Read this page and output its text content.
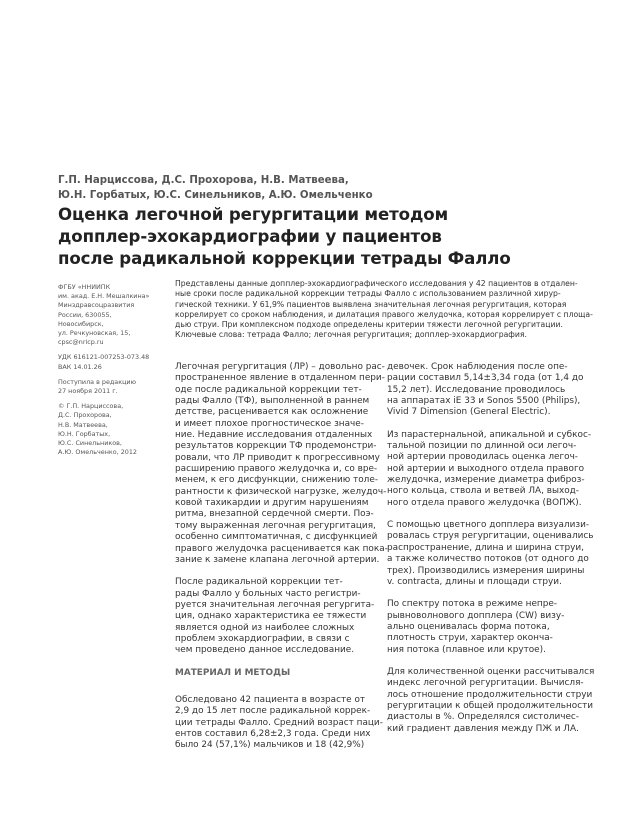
Г.П. Нарциссова, Д.С. Прохорова, Н.В. Матвеева,
Ю.Н. Горбатых, Ю.С. Синельников, А.Ю. Омельченко
Оценка легочной регургитации методом
допплер-эхокардиографии у пациентов
после радикальной коррекции тетрады Фалло
ФГБУ «ННИИПК
им. акад. Е.Н. Мешалкина»
Минздравсоцразвития
России, 630055,
Новосибирск,
ул. Речкуновская, 15,
cpsc@nricp.ru
УДК 616121-007253-073.48
ВАК 14.01.26
Поступила в редакцию
27 ноября 2011 г.
© Г.П. Нарциссова,
Д.С. Прохорова,
Н.В. Матвеева,
Ю.Н. Горбатых,
Ю.С. Синельников,
А.Ю. Омельченко, 2012
Представлены данные допплер-эхокардиографического исследования у 42 пациентов в отдален-
ные сроки после радикальной коррекции тетрады Фалло с использованием различной хирур-
гической техники. У 61,9% пациентов выявлена значительная легочная регургитация, которая
коррелирует со сроком наблюдения, и дилатация правого желудочка, которая коррелирует с площа-
дью струи. При комплексном подходе определены критерии тяжести легочной регургитации.
Ключевые слова: тетрада Фалло; легочная регургитация; допплер-эхокардиография.
Легочная регургитация (ЛР) – довольно рас-
пространенное явление в отдаленном пери-
оде после радикальной коррекции тет-
рады Фалло (ТФ), выполненной в раннем
детстве, расценивается как осложнение
и имеет плохое прогностическое значе-
ние. Недавние исследования отдаленных
результатов коррекции ТФ продемонстри-
ровали, что ЛР приводит к прогрессивному
расширению правого желудочка и, со вре-
менем, к его дисфункции, снижению толе-
рантности к физической нагрузке, желудоч-
ковой тахикардии и другим нарушениям
ритма, внезапной сердечной смерти. Поэ-
тому выраженная легочная регургитация,
особенно симптоматичная, с дисфункцией
правого желудочка расценивается как пока-
зание к замене клапана легочной артерии.
После радикальной коррекции тет-
рады Фалло у больных часто регистри-
руется значительная легочная регургита-
ция, однако характеристика ее тяжести
является одной из наиболее сложных
проблем эхокардиографии, в связи с
чем проведено данное исследование.
МАТЕРИАЛ И МЕТОДЫ
Обследовано 42 пациента в возрасте от
2,9 до 15 лет после радикальной коррек-
ции тетрады Фалло. Средний возраст паци-
ентов составил 6,28±2,3 года. Среди них
было 24 (57,1%) мальчиков и 18 (42,9%)
девочек. Срок наблюдения после опе-
рации составил 5,14±3,34 года (от 1,4 до
15,2 лет). Исследование проводилось
на аппаратах iE 33 и Sonos 5500 (Philips),
Vivid 7 Dimension (General Electric).
Из парастернальной, апикальной и субкос-
тальной позиции по длинной оси легоч-
ной артерии проводилась оценка легоч-
ной артерии и выходного отдела правого
желудочка, измерение диаметра фиброз-
ного кольца, ствола и ветвей ЛА, выход-
ного отдела правого желудочка (ВОПЖ).
С помощью цветного допплера визуализи-
ровалась струя регургитации, оценивались
распространение, длина и ширина струи,
а также количество потоков (от одного до
трех). Производились измерения ширины
v. contracta, длины и площади струи.
По спектру потока в режиме непре-
рывноволнового допплера (CW) визу-
ально оценивалась форма потока,
плотность струи, характер оконча-
ния потока (плавное или крутое).
Для количественной оценки рассчитывался
индекс легочной регургитации. Вычисля-
лось отношение продолжительности струи
регургитации к общей продолжительности
диастолы в %. Определялся систоличес-
кий градиент давления между ПЖ и ЛА.
